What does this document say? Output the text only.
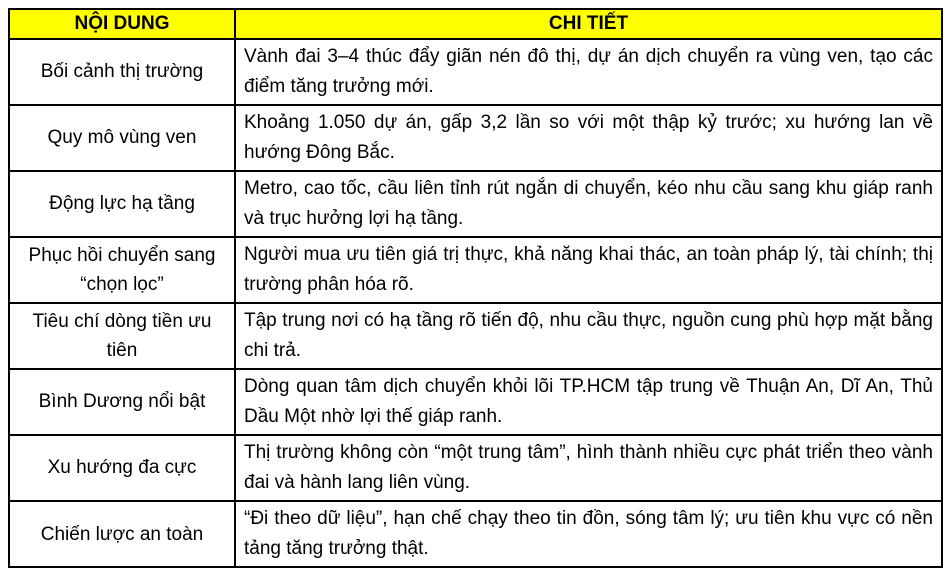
NỘI DUNG	CHI TIẾT
Bối cảnh thị trường	Vành đai 3–4 thúc đẩy giãn nén đô thị, dự án dịch chuyển ra vùng ven, tạo các điểm tăng trưởng mới.
Quy mô vùng ven	Khoảng 1.050 dự án, gấp 3,2 lần so với một thập kỷ trước; xu hướng lan về hướng Đông Bắc.
Động lực hạ tầng	Metro, cao tốc, cầu liên tỉnh rút ngắn di chuyển, kéo nhu cầu sang khu giáp ranh và trục hưởng lợi hạ tầng.
Phục hồi chuyển sang “chọn lọc”	Người mua ưu tiên giá trị thực, khả năng khai thác, an toàn pháp lý, tài chính; thị trường phân hóa rõ.
Tiêu chí dòng tiền ưu tiên	Tập trung nơi có hạ tầng rõ tiến độ, nhu cầu thực, nguồn cung phù hợp mặt bằng chi trả.
Bình Dương nổi bật	Dòng quan tâm dịch chuyển khỏi lõi TP.HCM tập trung về Thuận An, Dĩ An, Thủ Dầu Một nhờ lợi thế giáp ranh.
Xu hướng đa cực	Thị trường không còn “một trung tâm”, hình thành nhiều cực phát triển theo vành đai và hành lang liên vùng.
Chiến lược an toàn	“Đi theo dữ liệu”, hạn chế chạy theo tin đồn, sóng tâm lý; ưu tiên khu vực có nền tảng tăng trưởng thật.
